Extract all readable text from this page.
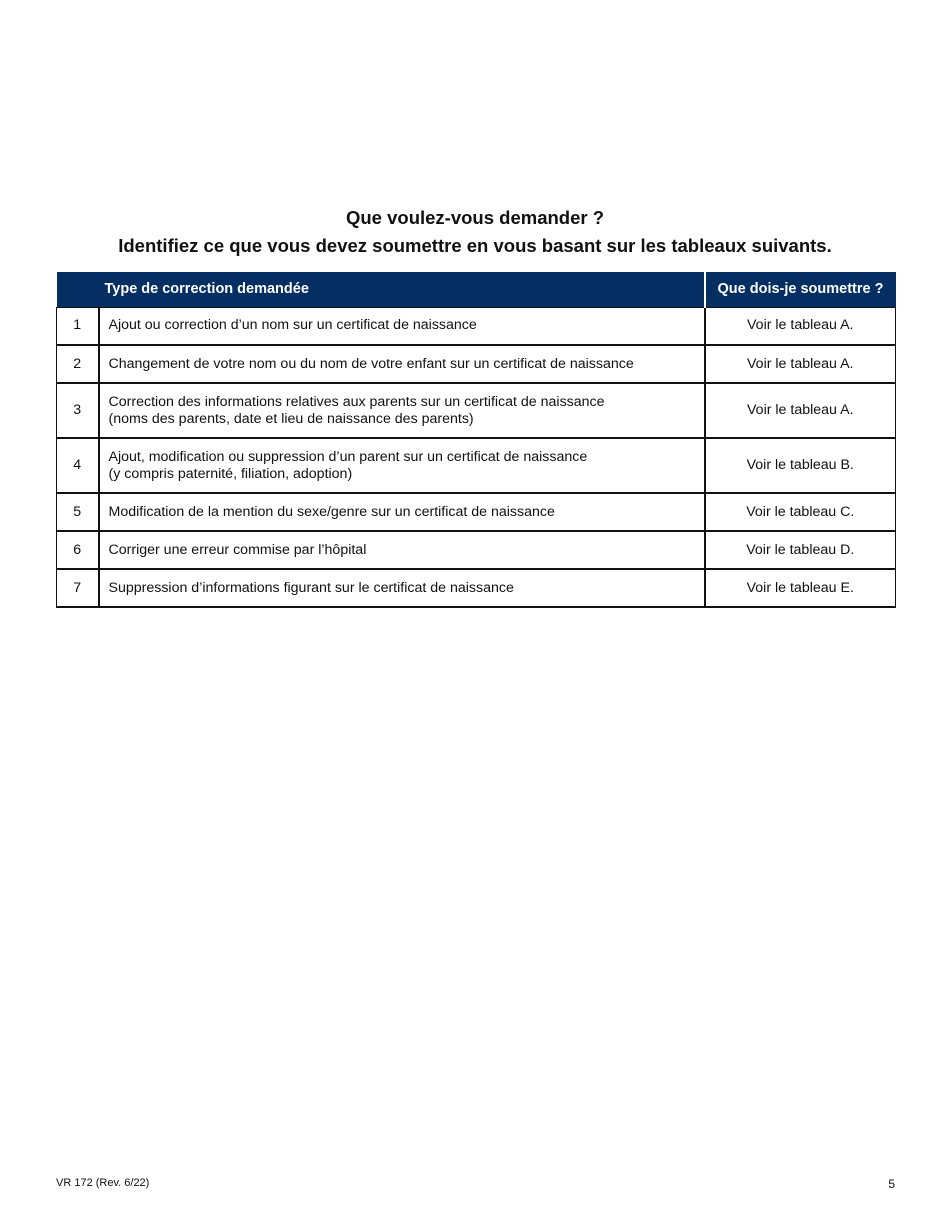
Que voulez-vous demander ?
Identifiez ce que vous devez soumettre en vous basant sur les tableaux suivants.
	Type de correction demandée	Que dois-je soumettre ?
1	Ajout ou correction d’un nom sur un certificat de naissance	Voir le tableau A.
2	Changement de votre nom ou du nom de votre enfant sur un certificat de naissance	Voir le tableau A.
3	Correction des informations relatives aux parents sur un certificat de naissance
(noms des parents, date et lieu de naissance des parents)	Voir le tableau A.
4	Ajout, modification ou suppression d’un parent sur un certificat de naissance
(y compris paternité, filiation, adoption)	Voir le tableau B.
5	Modification de la mention du sexe/genre sur un certificat de naissance	Voir le tableau C.
6	Corriger une erreur commise par l’hôpital	Voir le tableau D.
7	Suppression d’informations figurant sur le certificat de naissance	Voir le tableau E.
VR 172 (Rev. 6/22)	5
